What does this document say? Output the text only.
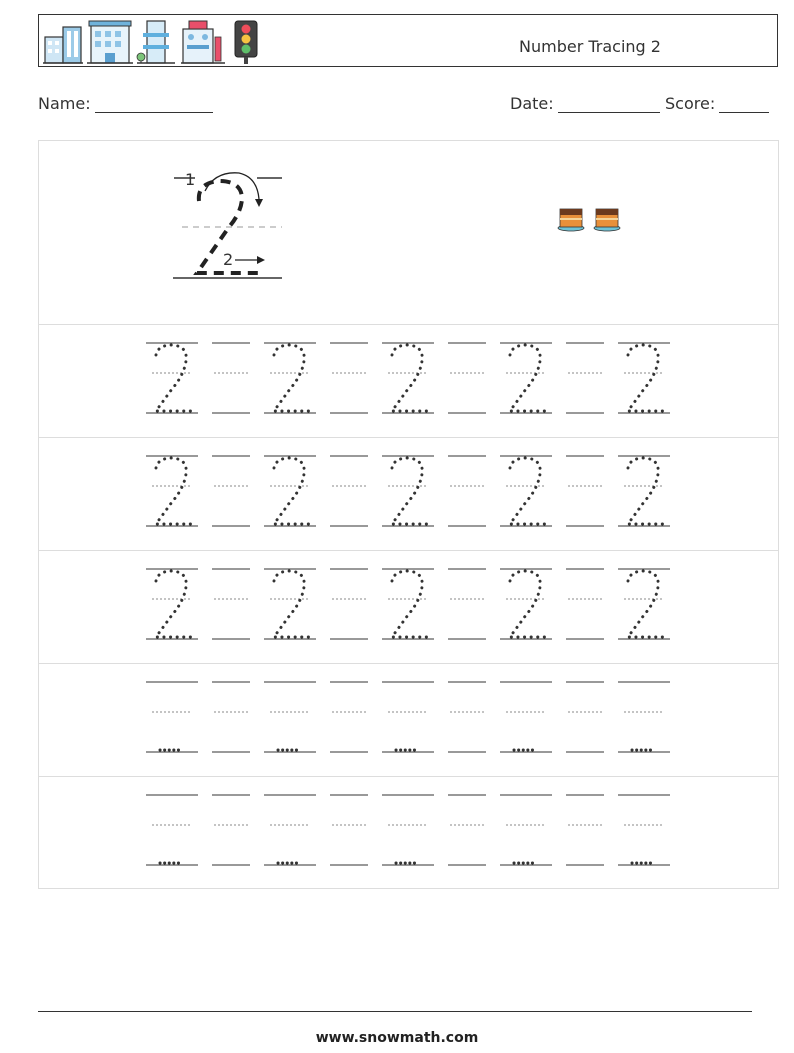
Number Tracing 2
Name:	Date:	Score:
1
2
www.snowmath.com
